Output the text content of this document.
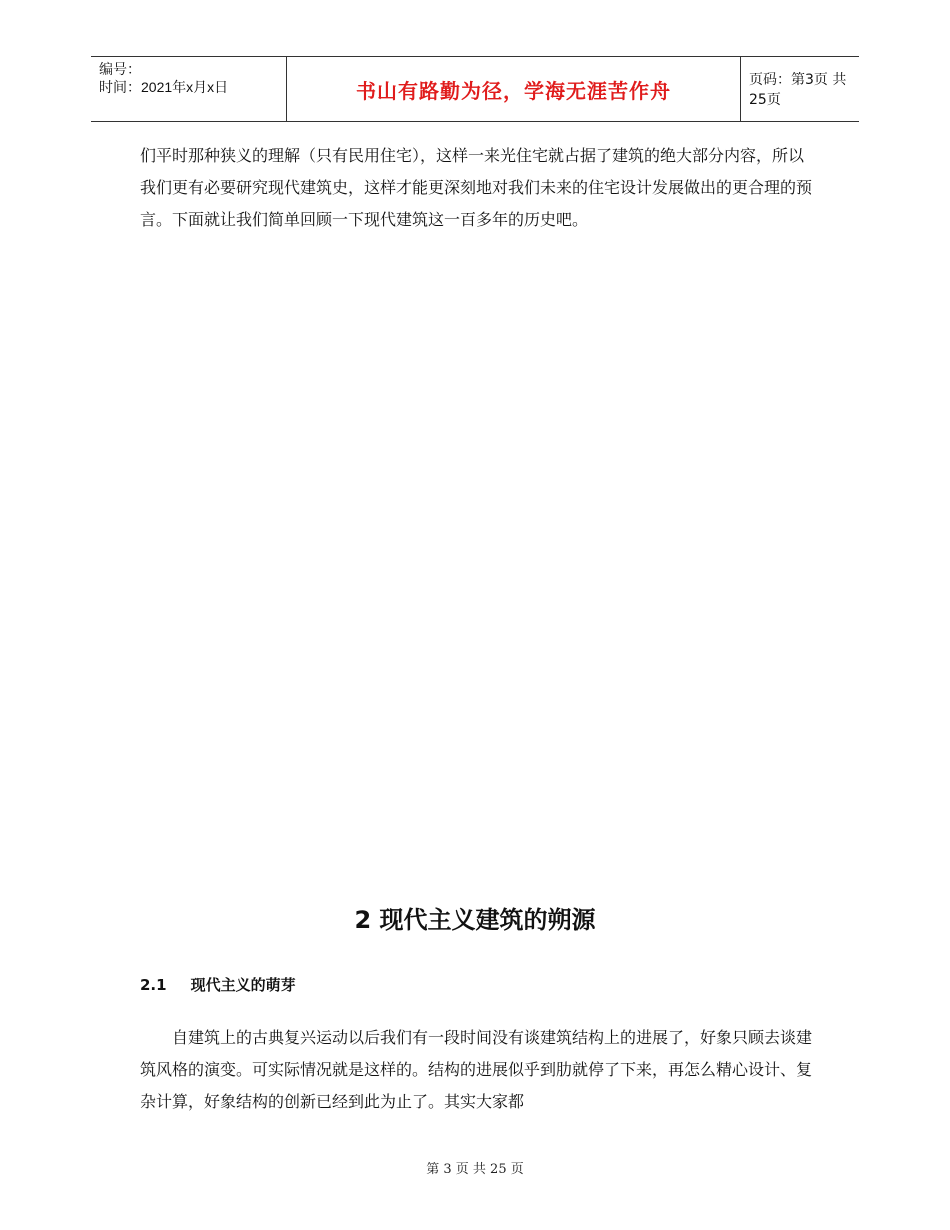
编号：
时间：2021年x月x日	书山有路勤为径，学海无涯苦作舟	页码：第3页 共25页
们平时那种狭义的理解（只有民用住宅），这样一来光住宅就占据了建筑的绝大部分内容，所以我们更有必要研究现代建筑史，这样才能更深刻地对我们未来的住宅设计发展做出的更合理的预言。下面就让我们简单回顾一下现代建筑这一百多年的历史吧。
2 现代主义建筑的朔源
2.1 现代主义的萌芽
自建筑上的古典复兴运动以后我们有一段时间没有谈建筑结构上的进展了，好象只顾去谈建筑风格的演变。可实际情况就是这样的。结构的进展似乎到肋就停了下来，再怎么精心设计、复杂计算，好象结构的创新已经到此为止了。其实大家都
第 3 页 共 25 页
